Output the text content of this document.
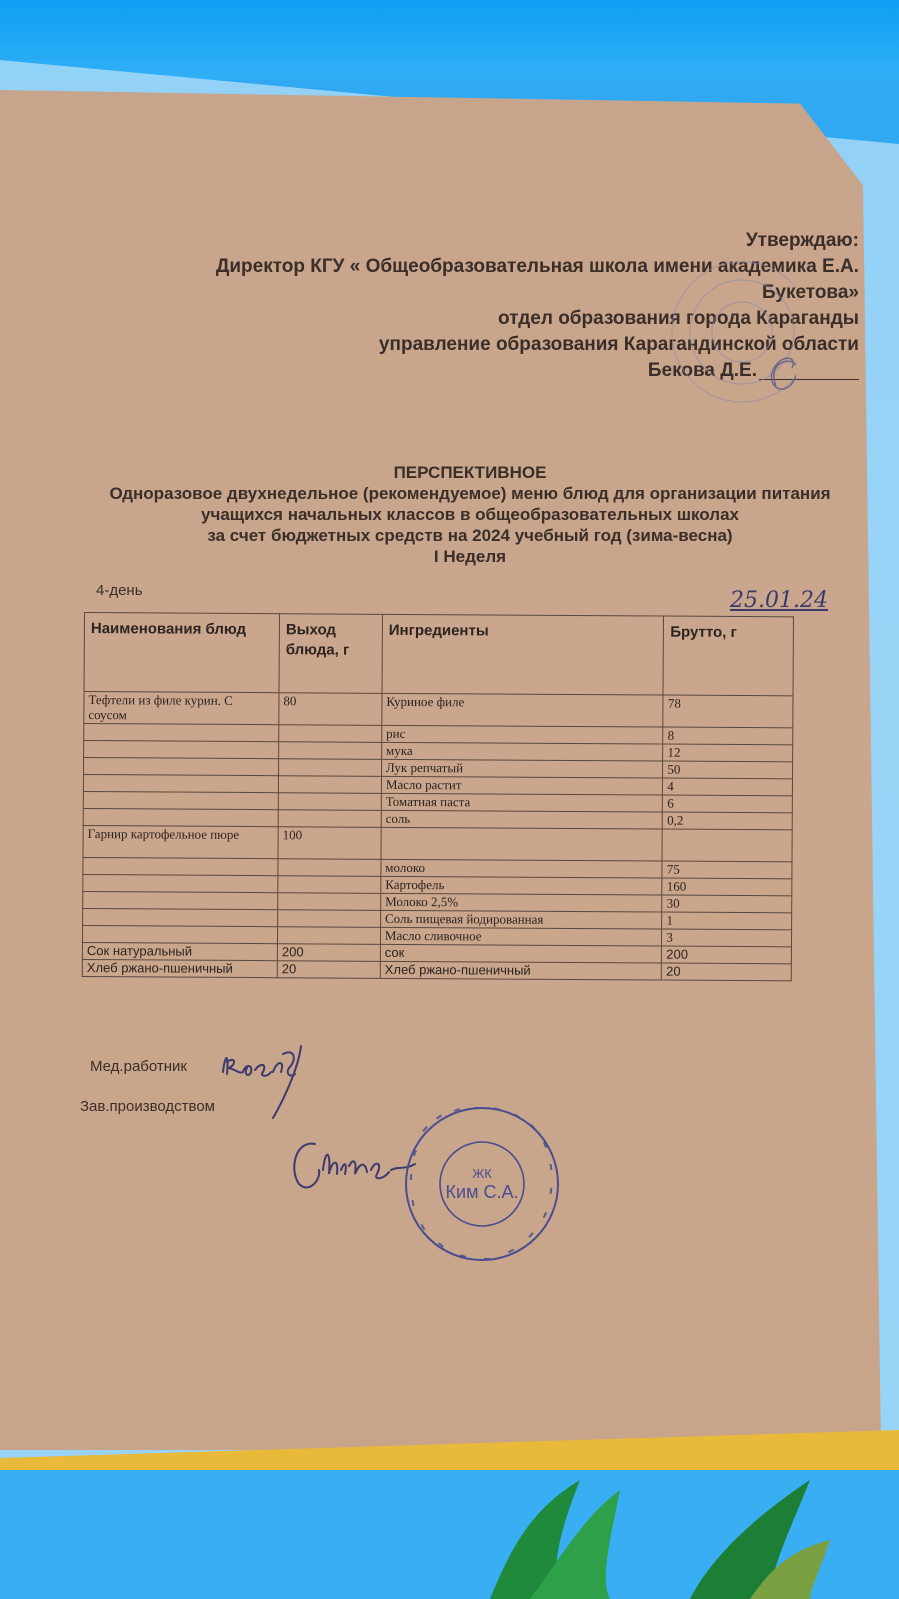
Утверждаю:
Директор КГУ « Общеобразовательная школа имени академика Е.А.
Букетова»
отдел образования города Караганды
управление образования Карагандинской области
Бекова Д.Е.
ПЕРСПЕКТИВНОЕ
Одноразовое двухнедельное (рекомендуемое) меню блюд для организации питания
учащихся начальных классов в общеобразовательных школах
за счет бюджетных средств на 2024 учебный год (зима-весна)
I Неделя
4-день	25.01.24
Наименования блюд	Выход блюда, г	Ингредиенты	Брутто, г
Тефтели из филе курин. С соусом	80	Куриное филе	78
		рис	8
		мука	12
		Лук репчатый	50
		Масло растит	4
		Томатная паста	6
		соль	0,2
Гарнир картофельное пюре	100		
		молоко	75
		Картофель	160
		Молоко 2,5%	30
		Соль пищевая йодированная	1
		Масло сливочное	3
Сок натуральный	200	сок	200
Хлеб ржано-пшеничный	20	Хлеб ржано-пшеничный	20
Мед.работник
Зав.производством
ЖК
Ким С.А.
